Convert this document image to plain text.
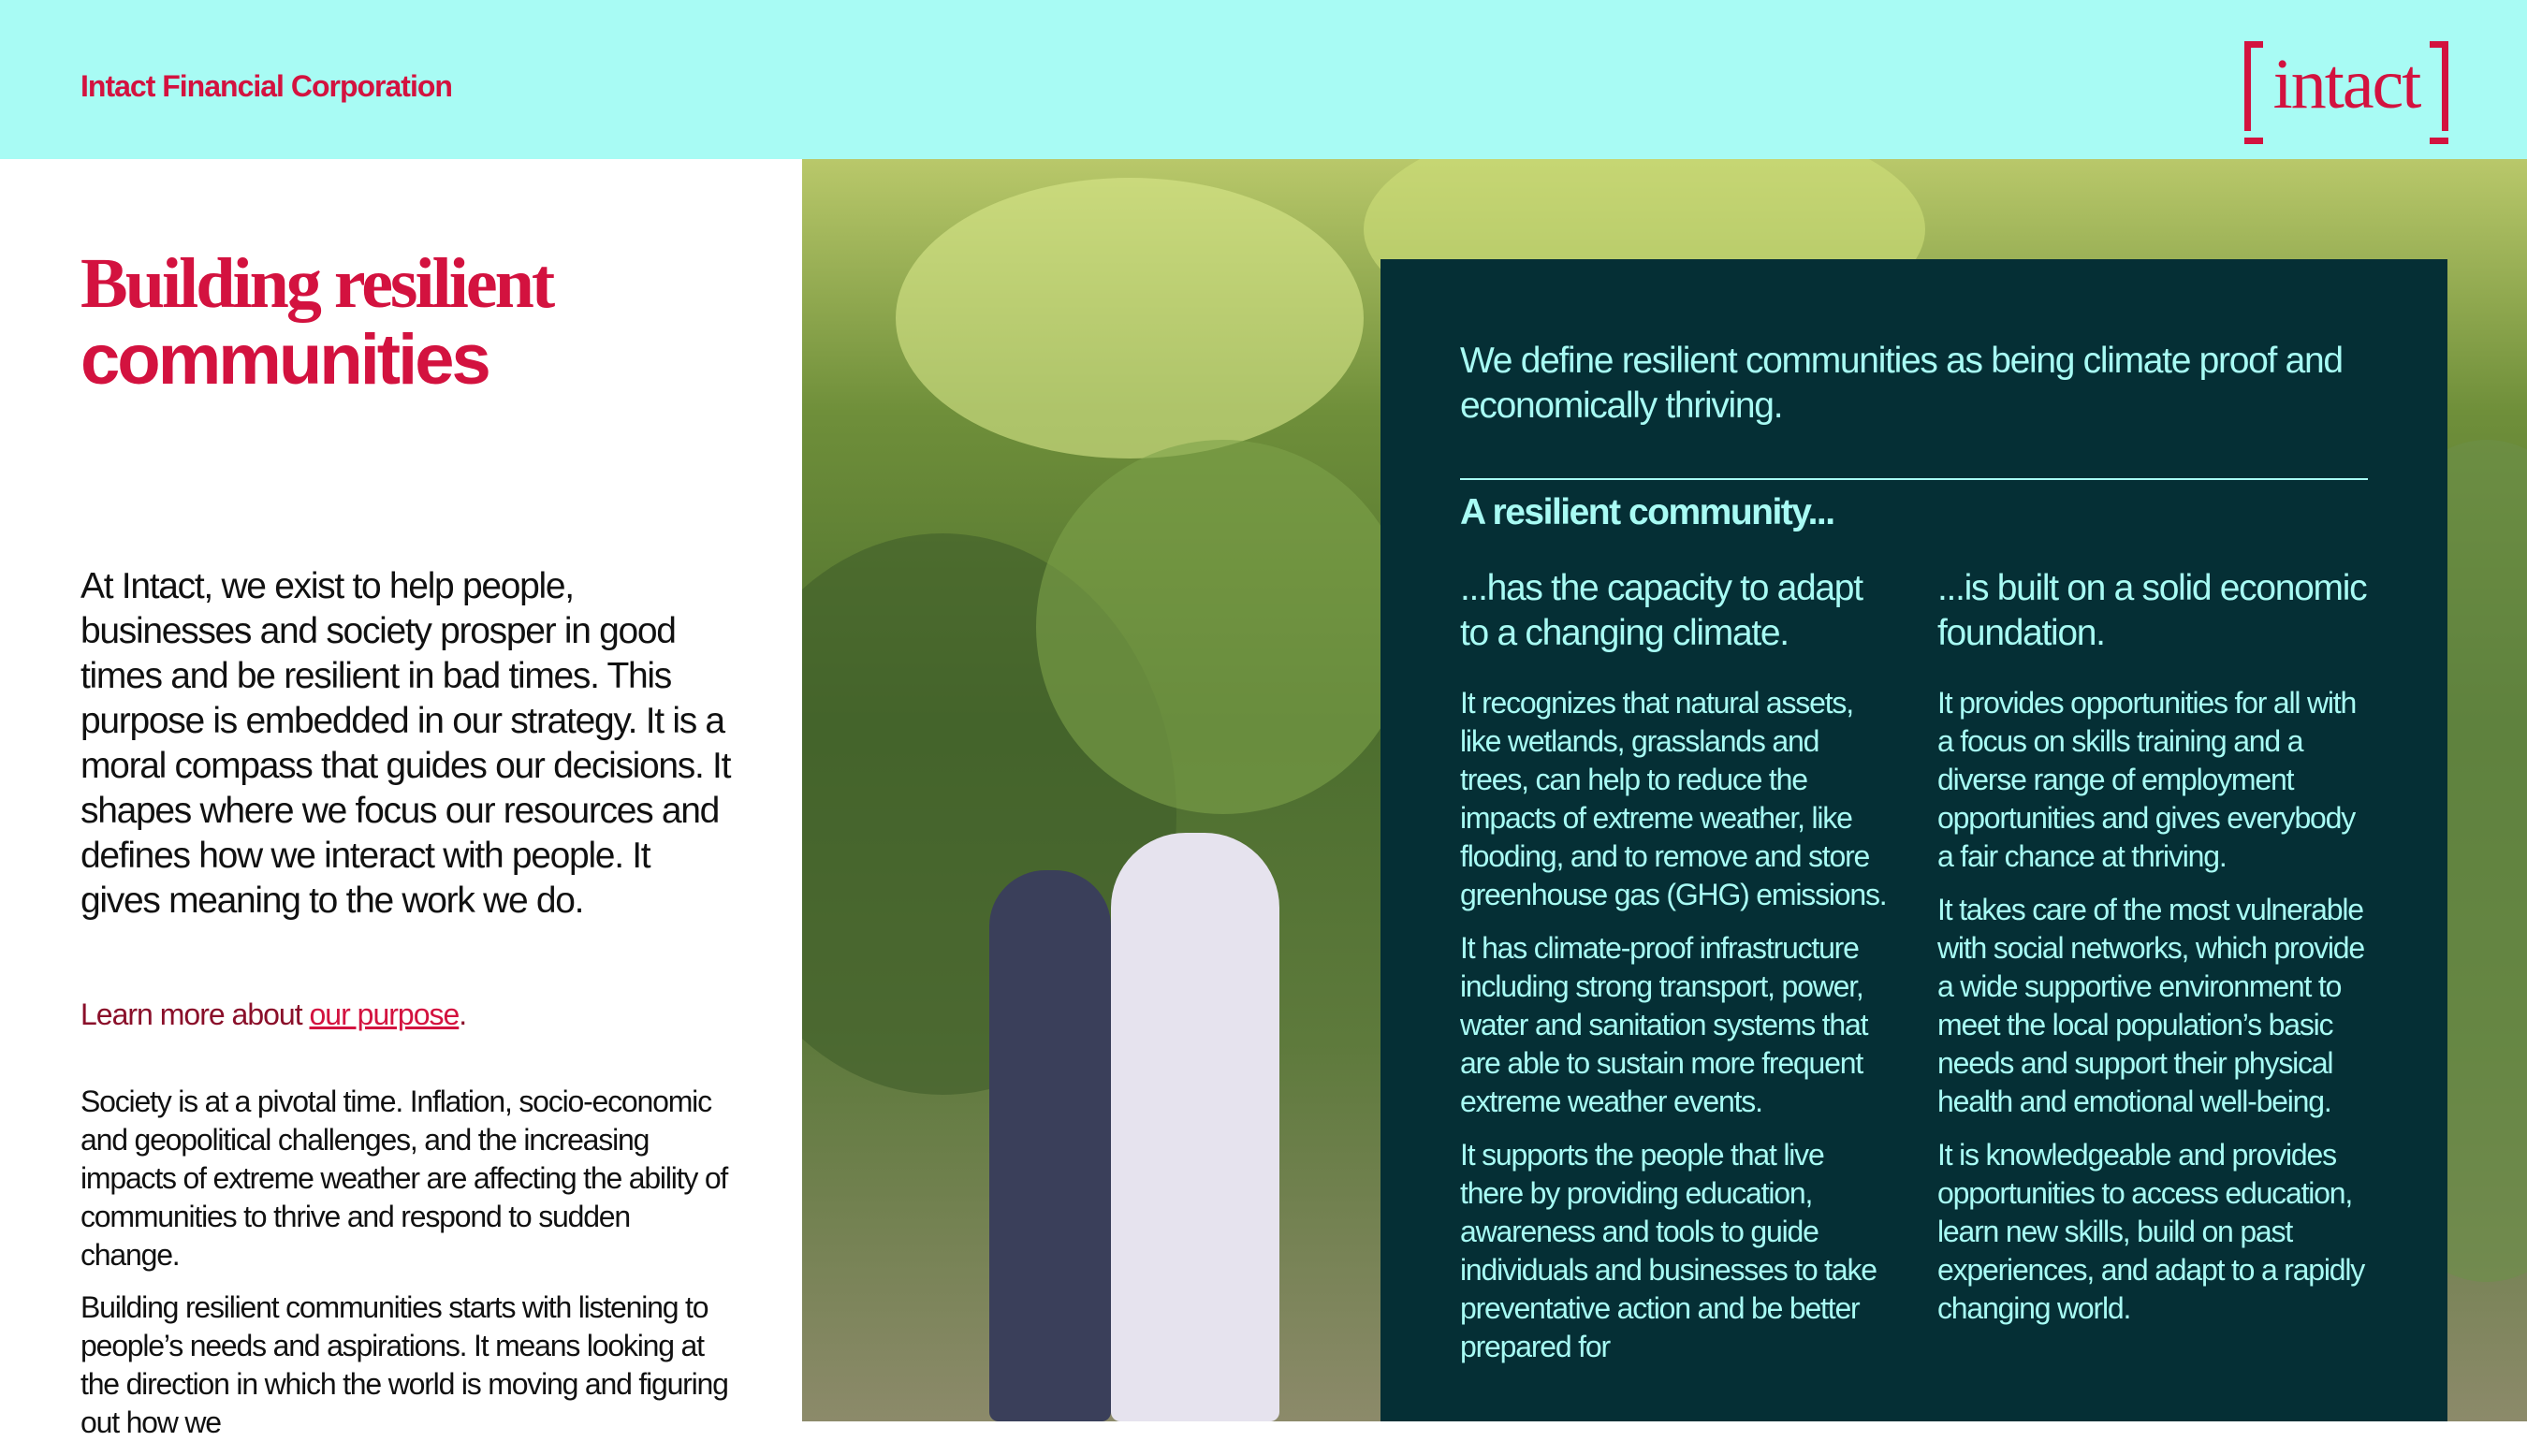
Intact Financial Corporation	intact
Building resilient
communities
At Intact, we exist to help people, businesses and society prosper in good times and be resilient in bad times. This purpose is embedded in our strategy. It is a moral compass that guides our decisions. It shapes where we focus our resources and defines how we interact with people. It gives meaning to the work we do.
Learn more about our purpose.

Society is at a pivotal time. Inflation, socio-economic and geopolitical challenges, and the increasing impacts of extreme weather are affecting the ability of communities to thrive and respond to sudden change.

Building resilient communities starts with listening to people’s needs and aspirations. It means looking at the direction in which the world is moving and figuring out how we

We define resilient communities as being climate proof and economically thriving.
A resilient community...
...has the capacity to adapt to a changing climate.

It recognizes that natural assets, like wetlands, grasslands and trees, can help to reduce the impacts of extreme weather, like flooding, and to remove and store greenhouse gas (GHG) emissions.

It has climate-proof infrastructure including strong transport, power, water and sanitation systems that are able to sustain more frequent extreme weather events.

It supports the people that live there by providing education, awareness and tools to guide individuals and businesses to take preventative action and be better prepared for

...is built on a solid economic foundation.

It provides opportunities for all with a focus on skills training and a diverse range of employment opportunities and gives everybody a fair chance at thriving.

It takes care of the most vulnerable with social networks, which provide a wide supportive environment to meet the local population’s basic needs and support their physical health and emotional well-being.

It is knowledgeable and provides opportunities to access education, learn new skills, build on past experiences, and adapt to a rapidly changing world.
